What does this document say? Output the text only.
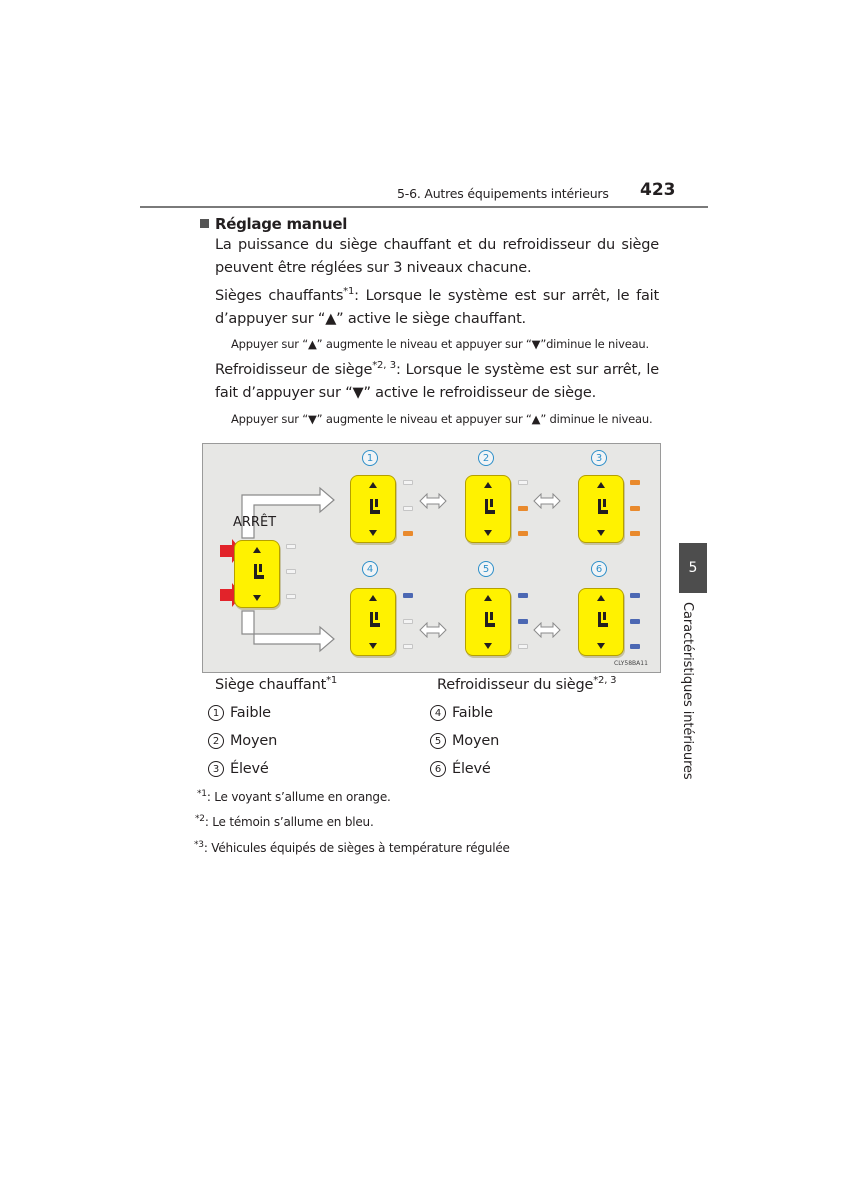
5-6. Autres équipements intérieurs 423
5
Caractéristiques intérieures
Réglage manuel
La puissance du siège chauffant et du refroidisseur du siège peuvent être réglées sur 3 niveaux chacune.
Sièges chauffants$^{*1}$: Lorsque le système est sur arrêt, le fait d’appuyer sur “▲” active le siège chauffant.
Appuyer sur “▲” augmente le niveau et appuyer sur “▼”diminue le niveau.
Refroidisseur de siège$^{*2, 3}$: Lorsque le système est sur arrêt, le fait d’appuyer sur “▼” active le refroidisseur de siège.
Appuyer sur “▼” augmente le niveau et appuyer sur “▲” diminue le niveau.
ARRÊT
CLY58BA11
1	2	3
4	5	6
Siège chauffant$^{*1}$	Refroidisseur du siège$^{*2, 3}$
1 Faible
2 Moyen
3 Élevé
4 Faible
5 Moyen
6 Élevé
$^{*1}$: Le voyant s’allume en orange.
$^{*2}$: Le témoin s’allume en bleu.
$^{*3}$: Véhicules équipés de sièges à température régulée
